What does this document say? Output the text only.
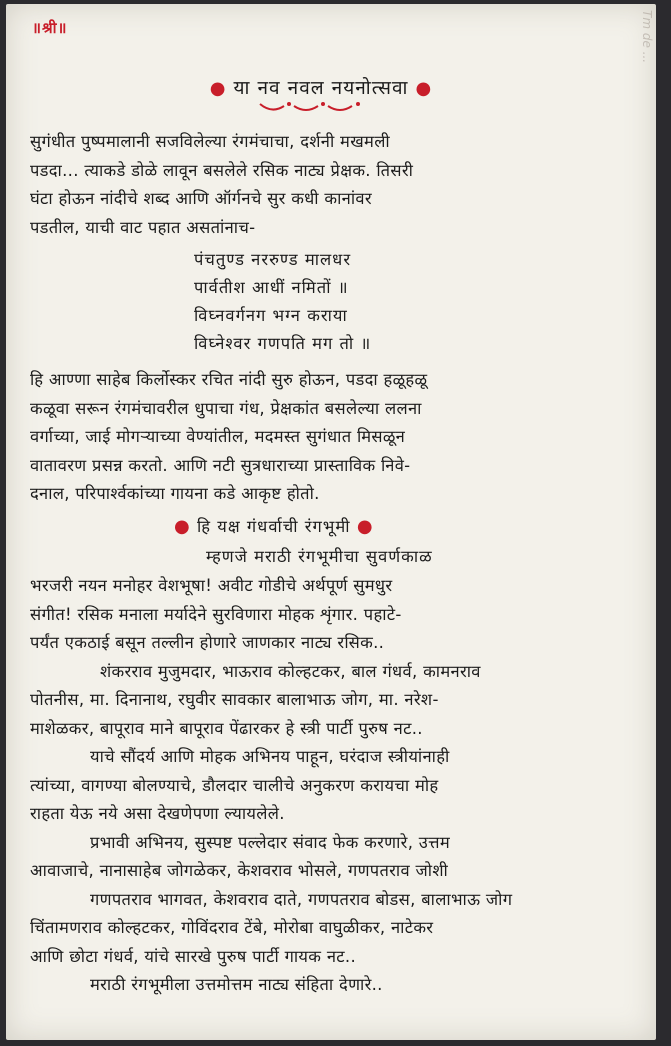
॥श्री॥	Tm de ...
● या नव नवल नयनोत्सवा ●

सुगंधीत पुष्पमालानी सजविलेल्या रंगमंचाचा, दर्शनी मखमली

पडदा... त्याकडे डोळे लावून बसलेले रसिक नाट्य प्रेक्षक. तिसरी

घंटा होऊन नांदीचे शब्द आणि ऑर्गनचे सुर कधी कानांवर

पडतील, याची वाट पहात असतांनाच-

पंचतुण्ड नररुण्ड मालधर
पार्वतीश आधीं नमितों ॥
विघ्नवर्गनग भग्न कराया
विघ्नेश्वर गणपति मग तो ॥

हि आण्णा साहेब किर्लोस्कर रचित नांदी सुरु होऊन, पडदा हळूहळू

कळूवा सरून रंगमंचावरील धुपाचा गंध, प्रेक्षकांत बसलेल्या ललना

वर्गाच्या, जाई मोगऱ्याच्या वेण्यांतील, मदमस्त सुगंधात मिसळून

वातावरण प्रसन्न करतो. आणि नटी सुत्रधाराच्या प्रास्ताविक निवे-

दनाल, परिपार्श्वकांच्या गायना कडे आकृष्ट होतो.

● हि यक्ष गंधर्वाची रंगभूमी ●
म्हणजे मराठी रंगभूमीचा सुवर्णकाळ

भरजरी नयन मनोहर वेशभूषा! अवीट गोडीचे अर्थपूर्ण सुमधुर

संगीत! रसिक मनाला मर्यादेने सुरविणारा मोहक शृंगार. पहाटे-

पर्यंत एकठाई बसून तल्लीन होणारे जाणकार नाट्य रसिक..

शंकरराव मुजुमदार, भाऊराव कोल्हटकर, बाल गंधर्व, कामनराव

पोतनीस, मा. दिनानाथ, रघुवीर सावकार बालाभाऊ जोग, मा. नरेश-

माशेळकर, बापूराव माने बापूराव पेंढारकर हे स्त्री पार्टी पुरुष नट..

याचे सौंदर्य आणि मोहक अभिनय पाहून, घरंदाज स्त्रीयांनाही

त्यांच्या, वागण्या बोलण्याचे, डौलदार चालीचे अनुकरण करायचा मोह

राहता येऊ नये असा देखणेपणा ल्यायलेले.

प्रभावी अभिनय, सुस्पष्ट पल्लेदार संवाद फेक करणारे, उत्तम

आवाजाचे, नानासाहेब जोगळेकर, केशवराव भोसले, गणपतराव जोशी

गणपतराव भागवत, केशवराव दाते, गणपतराव बोडस, बालाभाऊ जोग

चिंतामणराव कोल्हटकर, गोविंदराव टेंबे, मोरोबा वाघुळीकर, नाटेकर

आणि छोटा गंधर्व, यांचे सारखे पुरुष पार्टी गायक नट..

मराठी रंगभूमीला उत्तमोत्तम नाट्य संहिता देणारे..
